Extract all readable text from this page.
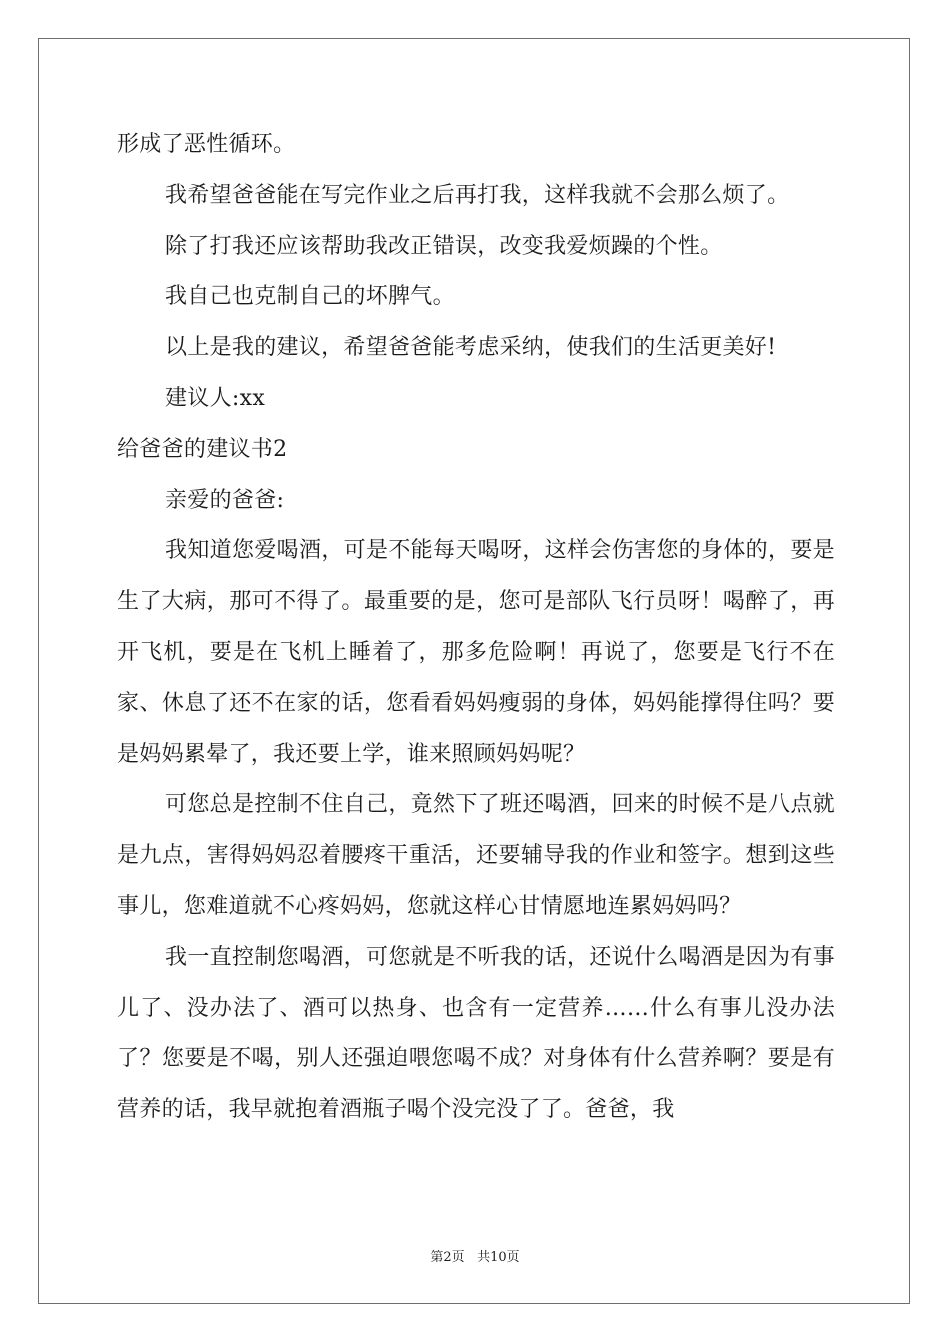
形成了恶性循环。

我希望爸爸能在写完作业之后再打我，这样我就不会那么烦了。

除了打我还应该帮助我改正错误，改变我爱烦躁的个性。

我自己也克制自己的坏脾气。

以上是我的建议，希望爸爸能考虑采纳，使我们的生活更美好!

建议人:xx

给爸爸的建议书2

亲爱的爸爸:

我知道您爱喝酒，可是不能每天喝呀，这样会伤害您的身体的，要是生了大病，那可不得了。最重要的是，您可是部队飞行员呀！喝醉了，再开飞机，要是在飞机上睡着了，那多危险啊！再说了，您要是飞行不在家、休息了还不在家的话，您看看妈妈瘦弱的身体，妈妈能撑得住吗？要是妈妈累晕了，我还要上学，谁来照顾妈妈呢？

可您总是控制不住自己，竟然下了班还喝酒，回来的时候不是八点就是九点，害得妈妈忍着腰疼干重活，还要辅导我的作业和签字。想到这些事儿，您难道就不心疼妈妈，您就这样心甘情愿地连累妈妈吗？

我一直控制您喝酒，可您就是不听我的话，还说什么喝酒是因为有事儿了、没办法了、酒可以热身、也含有一定营养……什么有事儿没办法了？您要是不喝，别人还强迫喂您喝不成？对身体有什么营养啊？要是有营养的话，我早就抱着酒瓶子喝个没完没了了。爸爸，我

第2页 共10页
